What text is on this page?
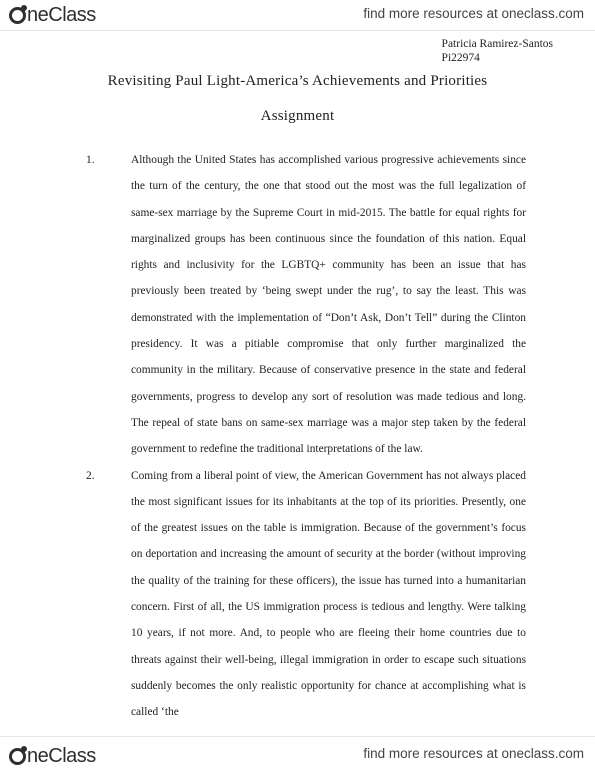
neClass	find more resources at oneclass.com
Patricia Ramirez-Santos
Pi22974
Revisiting Paul Light-America’s Achievements and Priorities
Assignment
1.	Although the United States has accomplished various progressive achievements since the turn of the century, the one that stood out the most was the full legalization of same-sex marriage by the Supreme Court in mid-2015. The battle for equal rights for marginalized groups has been continuous since the foundation of this nation. Equal rights and inclusivity for the LGBTQ+ community has been an issue that has previously been treated by ‘being swept under the rug’, to say the least. This was demonstrated with the implementation of “Don’t Ask, Don’t Tell” during the Clinton presidency. It was a pitiable compromise that only further marginalized the community in the military. Because of conservative presence in the state and federal governments, progress to develop any sort of resolution was made tedious and long. The repeal of state bans on same-sex marriage was a major step taken by the federal government to redefine the traditional interpretations of the law.
2.	Coming from a liberal point of view, the American Government has not always placed the most significant issues for its inhabitants at the top of its priorities. Presently, one of the greatest issues on the table is immigration. Because of the government’s focus on deportation and increasing the amount of security at the border (without improving the quality of the training for these officers), the issue has turned into a humanitarian concern. First of all, the US immigration process is tedious and lengthy. Were talking 10 years, if not more. And, to people who are fleeing their home countries due to threats against their well-being, illegal immigration in order to escape such situations suddenly becomes the only realistic opportunity for chance at accomplishing what is called ‘the
neClass	find more resources at oneclass.com
